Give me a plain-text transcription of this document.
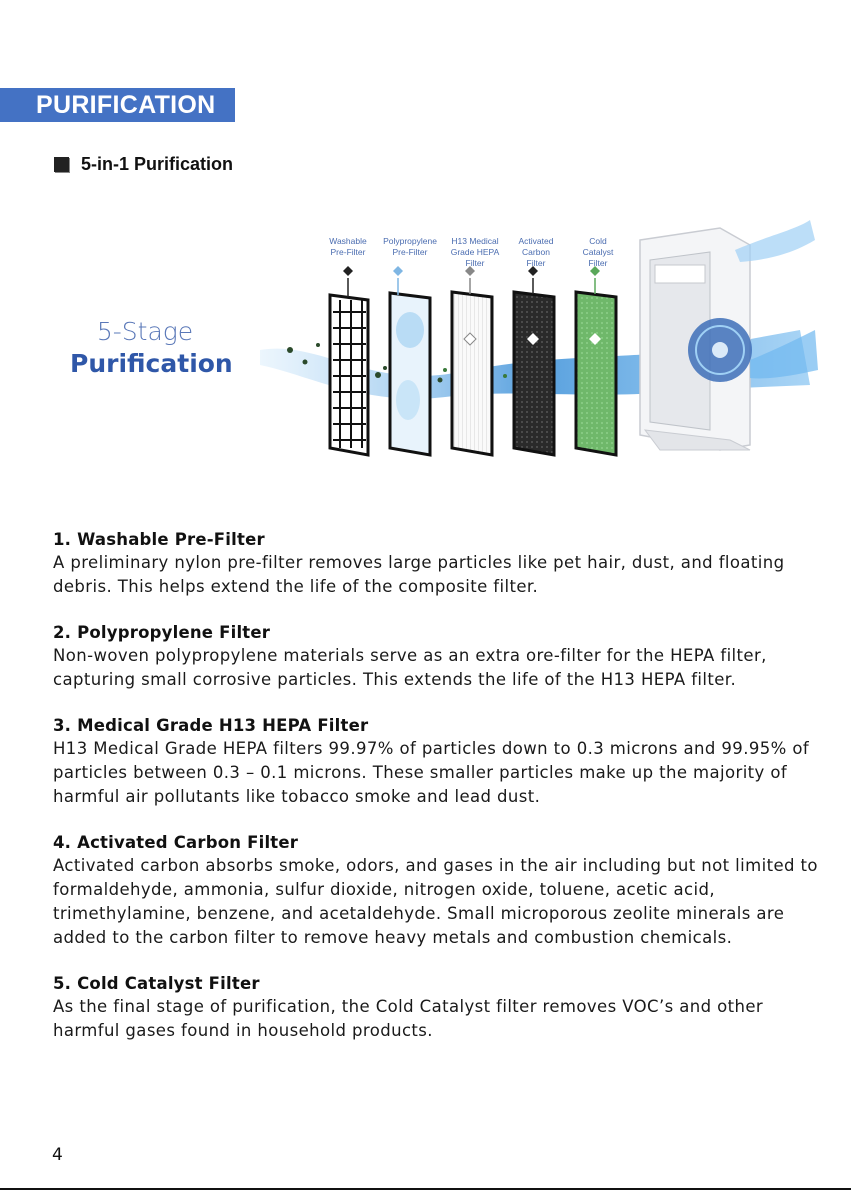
PURIFICATION
5-in-1 Purification
5-Stage
Purification
Washable
Pre-Filter
Polypropylene
Pre-Filter
H13 Medical
Grade HEPA
Filter
Activated
Carbon
Filter
Cold
Catalyst
Filter
1. Washable Pre-Filter
A preliminary nylon pre-filter removes large particles like pet hair, dust, and floating debris. This helps extend the life of the composite filter.
2. Polypropylene Filter
Non-woven polypropylene materials serve as an extra ore-filter for the HEPA filter, capturing small corrosive particles. This extends the life of the H13 HEPA filter.
3. Medical Grade H13 HEPA Filter
H13 Medical Grade HEPA filters 99.97% of particles down to 0.3 microns and 99.95% of particles between 0.3 – 0.1 microns. These smaller particles make up the majority of harmful air pollutants like tobacco smoke and lead dust.
4. Activated Carbon Filter
Activated carbon absorbs smoke, odors, and gases in the air including but not limited to formaldehyde, ammonia, sulfur dioxide, nitrogen oxide, toluene, acetic acid, trimethylamine, benzene, and acetaldehyde. Small microporous zeolite minerals are added to the carbon filter to remove heavy metals and combustion chemicals.
5. Cold Catalyst Filter
As the final stage of purification, the Cold Catalyst filter removes VOC’s and other harmful gases found in household products.
4
